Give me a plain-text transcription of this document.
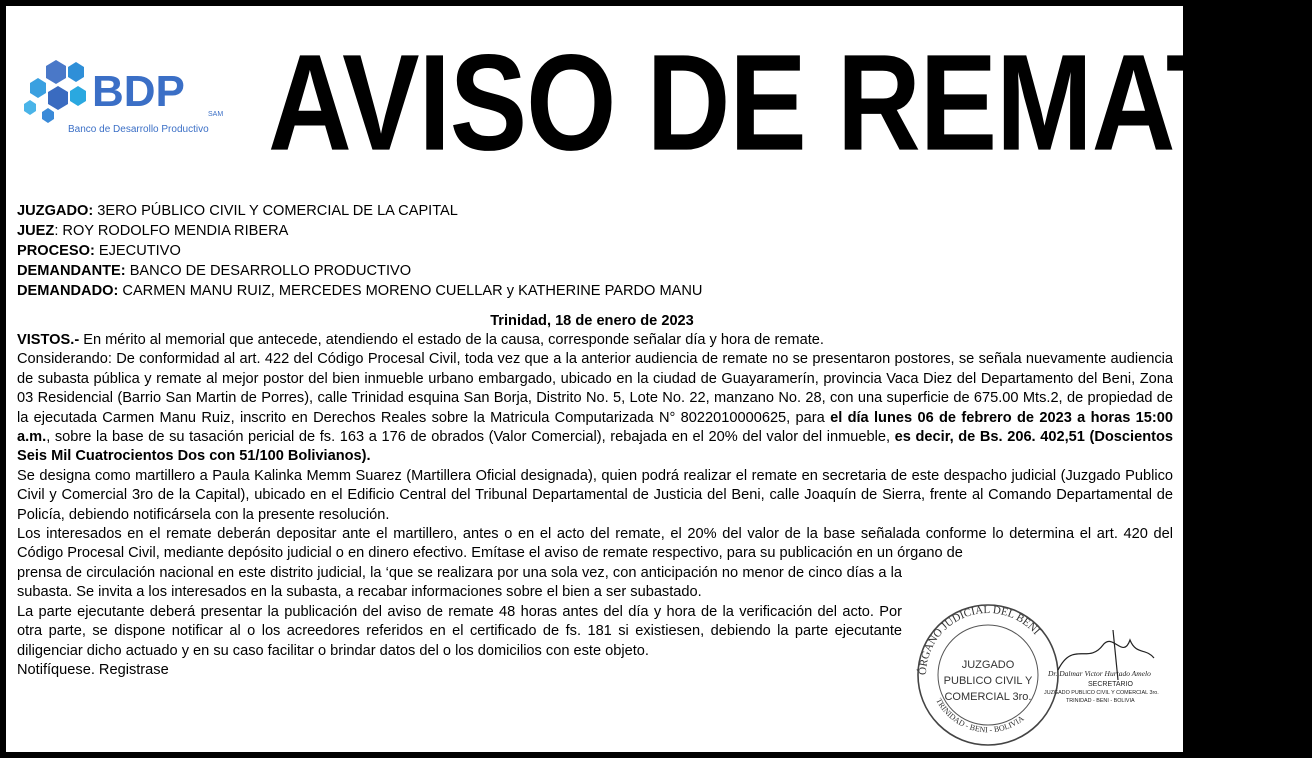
BDP	SAM
Banco de Desarrollo Productivo AVISO DE REMATE
JUZGADO: 3ERO PÚBLICO CIVIL Y COMERCIAL DE LA CAPITAL
JUEZ: ROY RODOLFO MENDIA RIBERA
PROCESO: EJECUTIVO
DEMANDANTE: BANCO DE DESARROLLO PRODUCTIVO
DEMANDADO: CARMEN MANU RUIZ, MERCEDES MORENO CUELLAR y KATHERINE PARDO MANU
Trinidad, 18 de enero de 2023

VISTOS.- En mérito al memorial que antecede, atendiendo el estado de la causa, corresponde señalar día y hora de remate.

Considerando: De conformidad al art. 422 del Código Procesal Civil, toda vez que a la anterior audiencia de remate no se presentaron postores, se señala nuevamente audiencia de subasta pública y remate al mejor postor del bien inmueble urbano embargado, ubicado en la ciudad de Guayaramerín, provincia Vaca Diez del Departamento del Beni, Zona 03 Residencial (Barrio San Martin de Porres), calle Trinidad esquina San Borja, Distrito No. 5, Lote No. 22, manzano No. 28, con una superficie de 675.00 Mts.2, de propiedad de la ejecutada Carmen Manu Ruiz, inscrito en Derechos Reales sobre la Matricula Computarizada N° 8022010000625, para el día lunes 06 de febrero de 2023 a horas 15:00 a.m., sobre la base de su tasación pericial de fs. 163 a 176 de obrados (Valor Comercial), rebajada en el 20% del valor del inmueble, es decir, de Bs. 206. 402,51 (Doscientos Seis Mil Cuatrocientos Dos con 51/100 Bolivianos).

Se designa como martillero a Paula Kalinka Memm Suarez (Martillera Oficial designada), quien podrá realizar el remate en secretaria de este despacho judicial (Juzgado Publico Civil y Comercial 3ro de la Capital), ubicado en el Edificio Central del Tribunal Departamental de Justicia del Beni, calle Joaquín de Sierra, frente al Comando Departamental de Policía, debiendo notificársela con la presente resolución.

Los interesados en el remate deberán depositar ante el martillero, antes o en el acto del remate, el 20% del valor de la base señalada conforme lo determina el art. 420 del Código Procesal Civil, mediante depósito judicial o en dinero efectivo. Emítase el aviso de remate respectivo, para su publicación en un órgano de

prensa de circulación nacional en este distrito judicial, la ‘que se realizara por una sola vez, con anticipación no menor de cinco días a la subasta. Se invita a los interesados en la subasta, a recabar informaciones sobre el bien a ser subastado.

La parte ejecutante deberá presentar la publicación del aviso de remate 48 horas antes del día y hora de la verificación del acto. Por otra parte, se dispone notificar al o los acreedores referidos en el certificado de fs. 181 si existiesen, debiendo la parte ejecutante diligenciar dicho actuado y en su caso facilitar o brindar datos del o los domicilios con este objeto.

Notifíquese. Registrase	ÓRGANO JUDICIAL DEL BENI
TRINIDAD - BENI - BOLIVIA
JUZGADO
PUBLICO CIVIL Y
COMERCIAL 3ro.
Dr. Dalmar Victor Hurtado Amelo
SECRETARIO
JUZGADO PUBLICO CIVIL Y COMERCIAL 3ro.
TRINIDAD - BENI - BOLIVIA
